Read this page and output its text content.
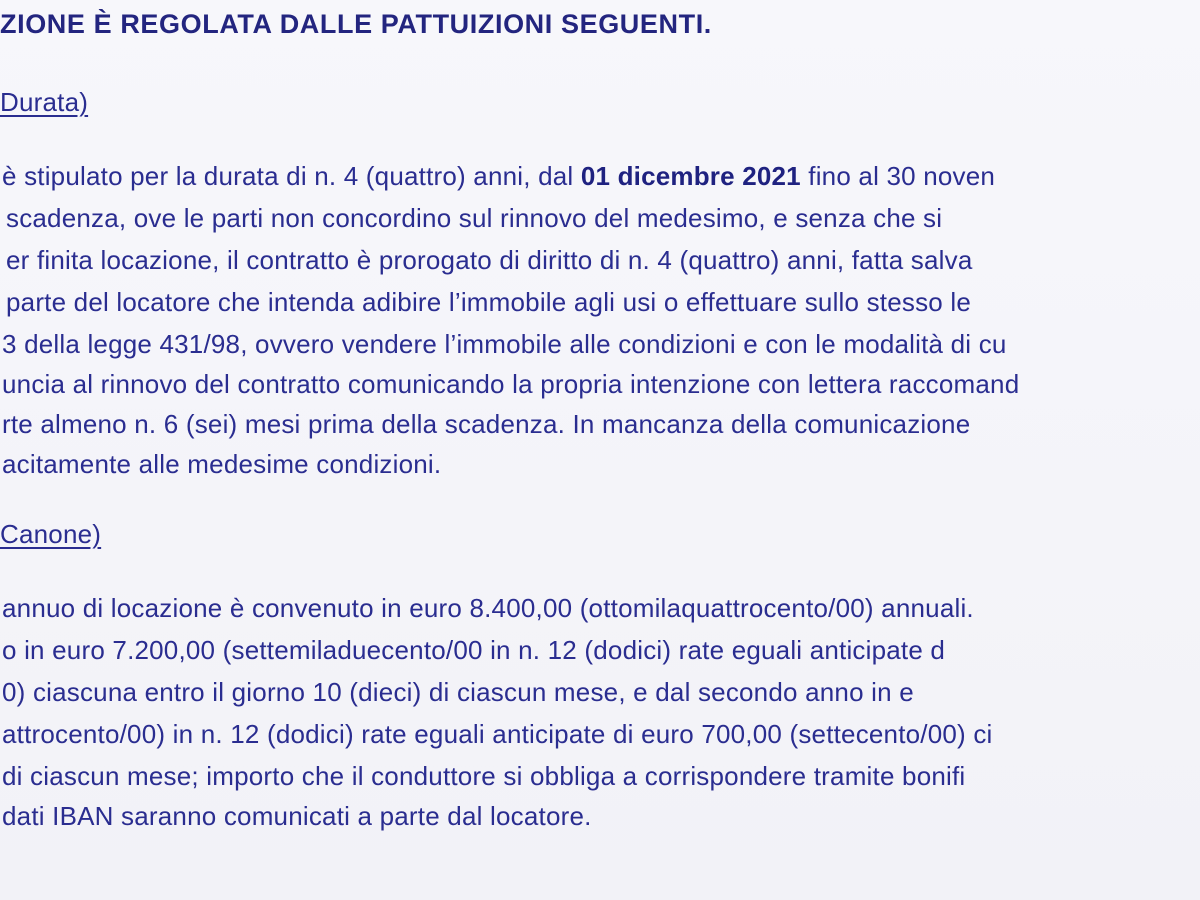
ZIONE È REGOLATA DALLE PATTUIZIONI SEGUENTI.
Durata)
è stipulato per la durata di n. 4 (quattro) anni, dal 01 dicembre 2021 fino al 30 noven
scadenza, ove le parti non concordino sul rinnovo del medesimo, e senza che si
er finita locazione, il contratto è prorogato di diritto di n. 4 (quattro) anni, fatta salva
parte del locatore che intenda adibire l’immobile agli usi o effettuare sullo stesso le
3 della legge 431/98, ovvero vendere l’immobile alle condizioni e con le modalità di cu
uncia al rinnovo del contratto comunicando la propria intenzione con lettera raccomand
rte almeno n. 6 (sei) mesi prima della scadenza. In mancanza della comunicazione
acitamente alle medesime condizioni.
Canone)
annuo di locazione è convenuto in euro 8.400,00 (ottomilaquattrocento/00) annuali.
o in euro 7.200,00 (settemiladuecento/00 in n. 12 (dodici) rate eguali anticipate d
0) ciascuna entro il giorno 10 (dieci) di ciascun mese, e dal secondo anno in e
attrocento/00) in n. 12 (dodici) rate eguali anticipate di euro 700,00 (settecento/00) ci
di ciascun mese; importo che il conduttore si obbliga a corrispondere tramite bonifi
dati IBAN saranno comunicati a parte dal locatore.
